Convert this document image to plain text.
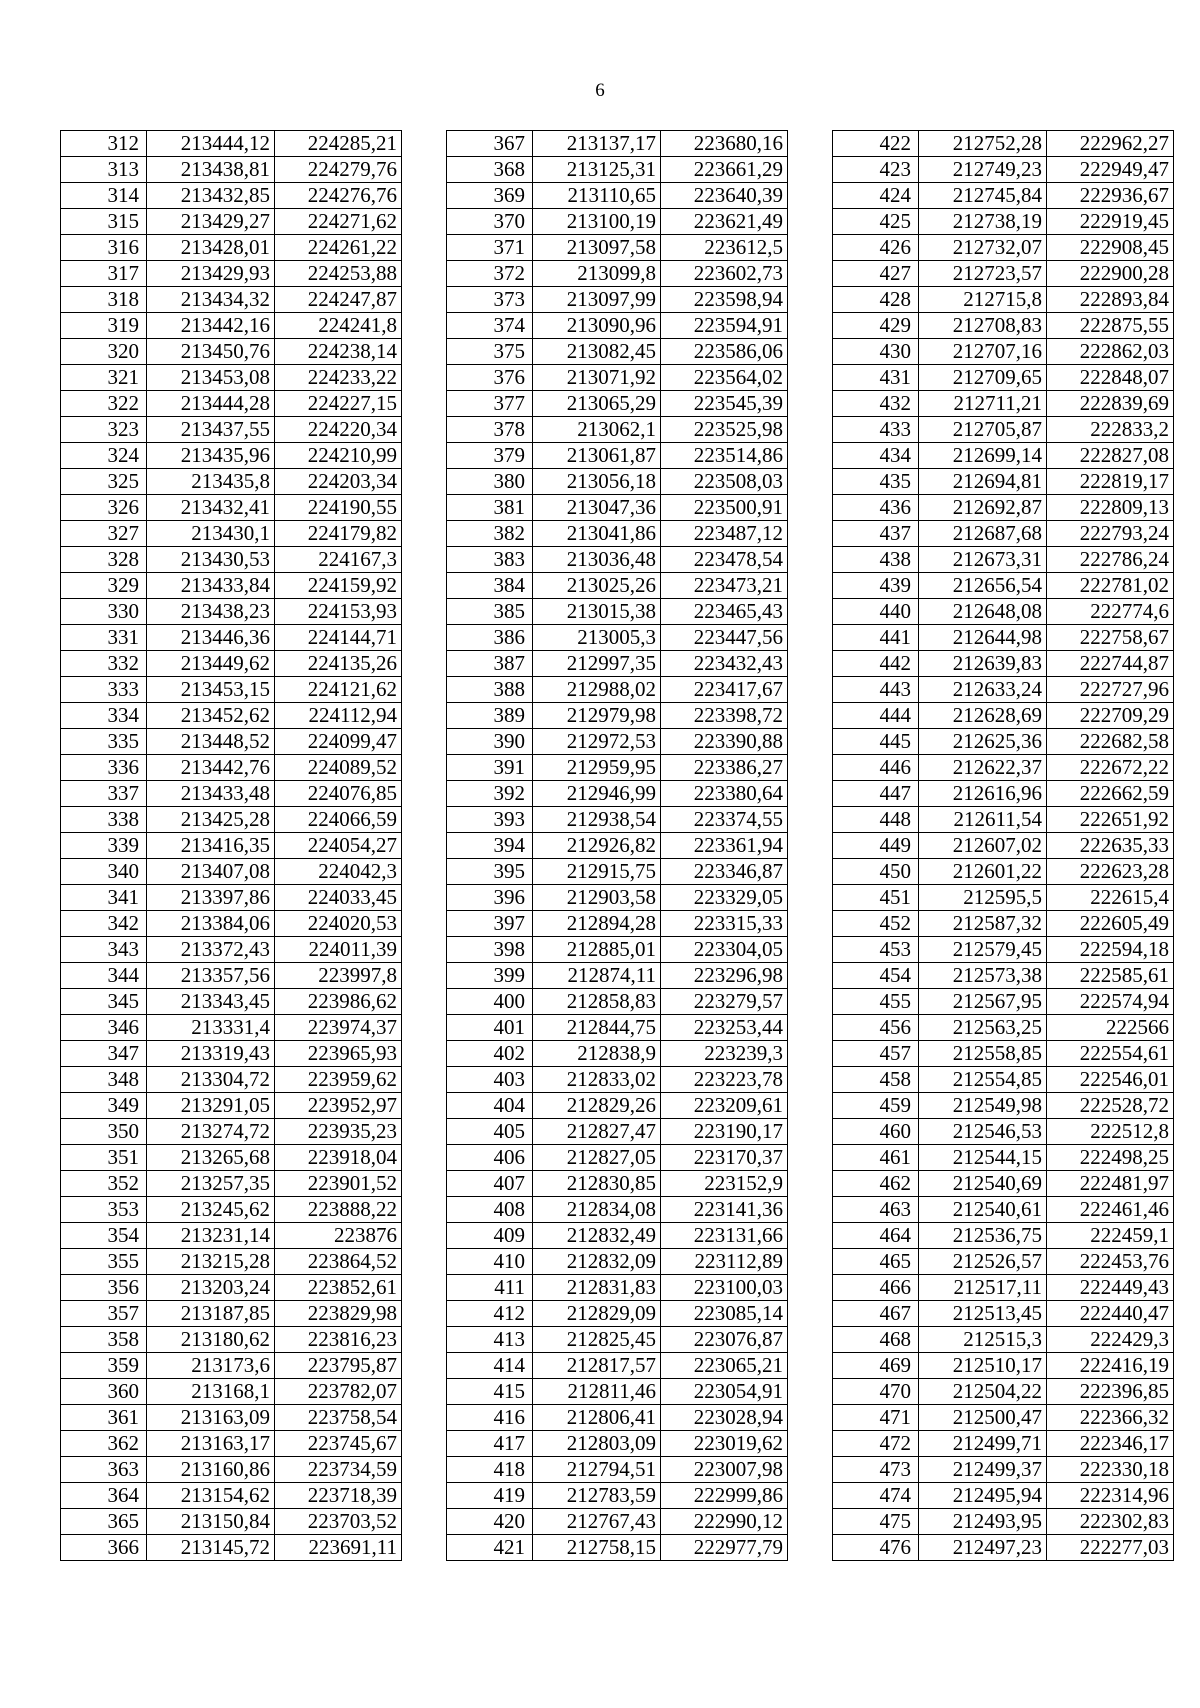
6
312	213444,12	224285,21
313	213438,81	224279,76
314	213432,85	224276,76
315	213429,27	224271,62
316	213428,01	224261,22
317	213429,93	224253,88
318	213434,32	224247,87
319	213442,16	224241,8
320	213450,76	224238,14
321	213453,08	224233,22
322	213444,28	224227,15
323	213437,55	224220,34
324	213435,96	224210,99
325	213435,8	224203,34
326	213432,41	224190,55
327	213430,1	224179,82
328	213430,53	224167,3
329	213433,84	224159,92
330	213438,23	224153,93
331	213446,36	224144,71
332	213449,62	224135,26
333	213453,15	224121,62
334	213452,62	224112,94
335	213448,52	224099,47
336	213442,76	224089,52
337	213433,48	224076,85
338	213425,28	224066,59
339	213416,35	224054,27
340	213407,08	224042,3
341	213397,86	224033,45
342	213384,06	224020,53
343	213372,43	224011,39
344	213357,56	223997,8
345	213343,45	223986,62
346	213331,4	223974,37
347	213319,43	223965,93
348	213304,72	223959,62
349	213291,05	223952,97
350	213274,72	223935,23
351	213265,68	223918,04
352	213257,35	223901,52
353	213245,62	223888,22
354	213231,14	223876
355	213215,28	223864,52
356	213203,24	223852,61
357	213187,85	223829,98
358	213180,62	223816,23
359	213173,6	223795,87
360	213168,1	223782,07
361	213163,09	223758,54
362	213163,17	223745,67
363	213160,86	223734,59
364	213154,62	223718,39
365	213150,84	223703,52
366	213145,72	223691,11
367	213137,17	223680,16
368	213125,31	223661,29
369	213110,65	223640,39
370	213100,19	223621,49
371	213097,58	223612,5
372	213099,8	223602,73
373	213097,99	223598,94
374	213090,96	223594,91
375	213082,45	223586,06
376	213071,92	223564,02
377	213065,29	223545,39
378	213062,1	223525,98
379	213061,87	223514,86
380	213056,18	223508,03
381	213047,36	223500,91
382	213041,86	223487,12
383	213036,48	223478,54
384	213025,26	223473,21
385	213015,38	223465,43
386	213005,3	223447,56
387	212997,35	223432,43
388	212988,02	223417,67
389	212979,98	223398,72
390	212972,53	223390,88
391	212959,95	223386,27
392	212946,99	223380,64
393	212938,54	223374,55
394	212926,82	223361,94
395	212915,75	223346,87
396	212903,58	223329,05
397	212894,28	223315,33
398	212885,01	223304,05
399	212874,11	223296,98
400	212858,83	223279,57
401	212844,75	223253,44
402	212838,9	223239,3
403	212833,02	223223,78
404	212829,26	223209,61
405	212827,47	223190,17
406	212827,05	223170,37
407	212830,85	223152,9
408	212834,08	223141,36
409	212832,49	223131,66
410	212832,09	223112,89
411	212831,83	223100,03
412	212829,09	223085,14
413	212825,45	223076,87
414	212817,57	223065,21
415	212811,46	223054,91
416	212806,41	223028,94
417	212803,09	223019,62
418	212794,51	223007,98
419	212783,59	222999,86
420	212767,43	222990,12
421	212758,15	222977,79
422	212752,28	222962,27
423	212749,23	222949,47
424	212745,84	222936,67
425	212738,19	222919,45
426	212732,07	222908,45
427	212723,57	222900,28
428	212715,8	222893,84
429	212708,83	222875,55
430	212707,16	222862,03
431	212709,65	222848,07
432	212711,21	222839,69
433	212705,87	222833,2
434	212699,14	222827,08
435	212694,81	222819,17
436	212692,87	222809,13
437	212687,68	222793,24
438	212673,31	222786,24
439	212656,54	222781,02
440	212648,08	222774,6
441	212644,98	222758,67
442	212639,83	222744,87
443	212633,24	222727,96
444	212628,69	222709,29
445	212625,36	222682,58
446	212622,37	222672,22
447	212616,96	222662,59
448	212611,54	222651,92
449	212607,02	222635,33
450	212601,22	222623,28
451	212595,5	222615,4
452	212587,32	222605,49
453	212579,45	222594,18
454	212573,38	222585,61
455	212567,95	222574,94
456	212563,25	222566
457	212558,85	222554,61
458	212554,85	222546,01
459	212549,98	222528,72
460	212546,53	222512,8
461	212544,15	222498,25
462	212540,69	222481,97
463	212540,61	222461,46
464	212536,75	222459,1
465	212526,57	222453,76
466	212517,11	222449,43
467	212513,45	222440,47
468	212515,3	222429,3
469	212510,17	222416,19
470	212504,22	222396,85
471	212500,47	222366,32
472	212499,71	222346,17
473	212499,37	222330,18
474	212495,94	222314,96
475	212493,95	222302,83
476	212497,23	222277,03
